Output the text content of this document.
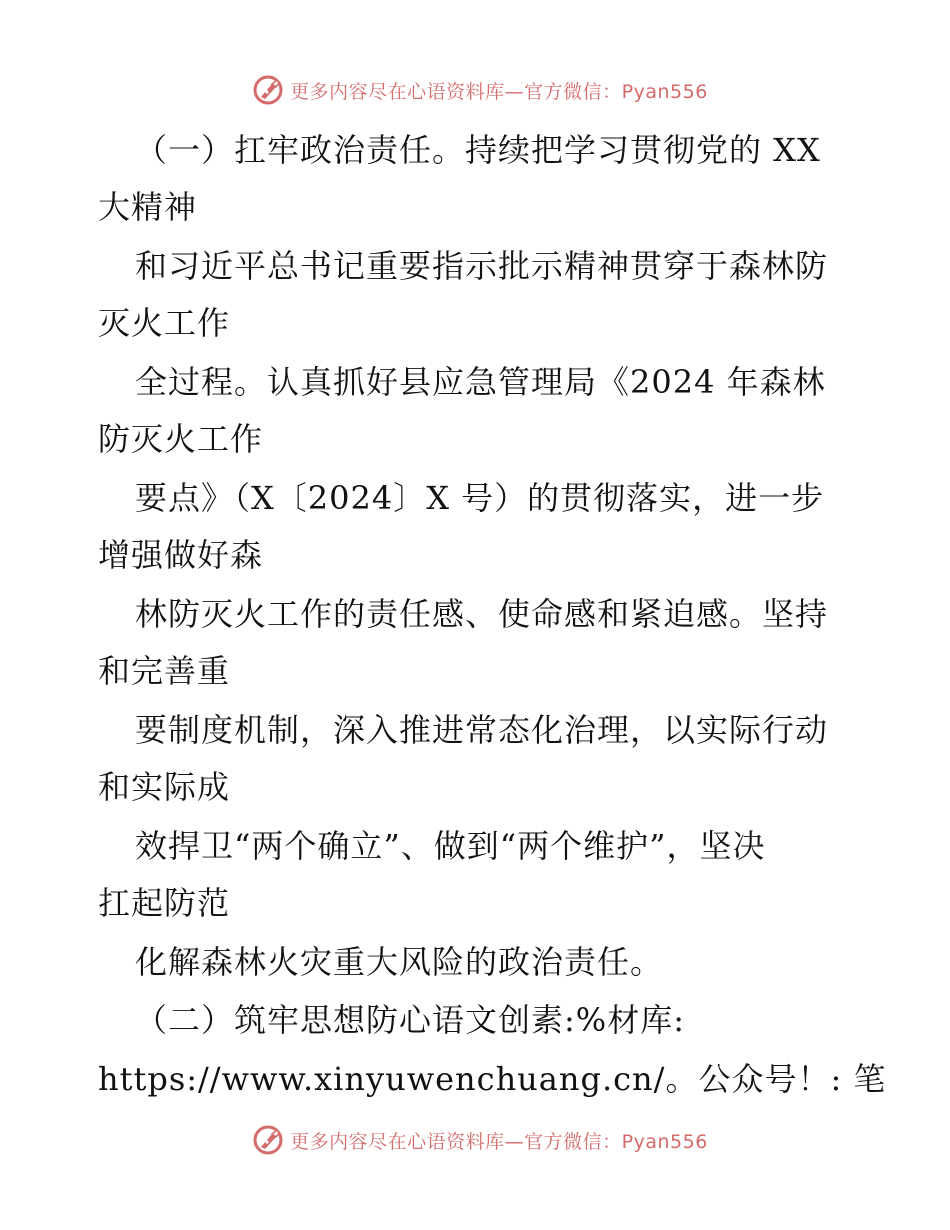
更多内容尽在心语资料库—官方微信：Pyan556
（一）扛牢政治责任。持续把学习贯彻党的 XX
大精神
和习近平总书记重要指示批示精神贯穿于森林防
灭火工作
全过程。认真抓好县应急管理局《2024 年森林
防灭火工作
要点》（X〔2024〕X 号）的贯彻落实，进一步
增强做好森
林防灭火工作的责任感、使命感和紧迫感。坚持
和完善重
要制度机制，深入推进常态化治理，以实际行动
和实际成
效捍卫“两个确立”、做到“两个维护”，坚决
扛起防范
化解森林火灾重大风险的政治责任。
（二）筑牢思想防心语文创素:%材库:
https://www.xinyuwenchuang.cn/。公众号！: 笔
更多内容尽在心语资料库—官方微信：Pyan556
